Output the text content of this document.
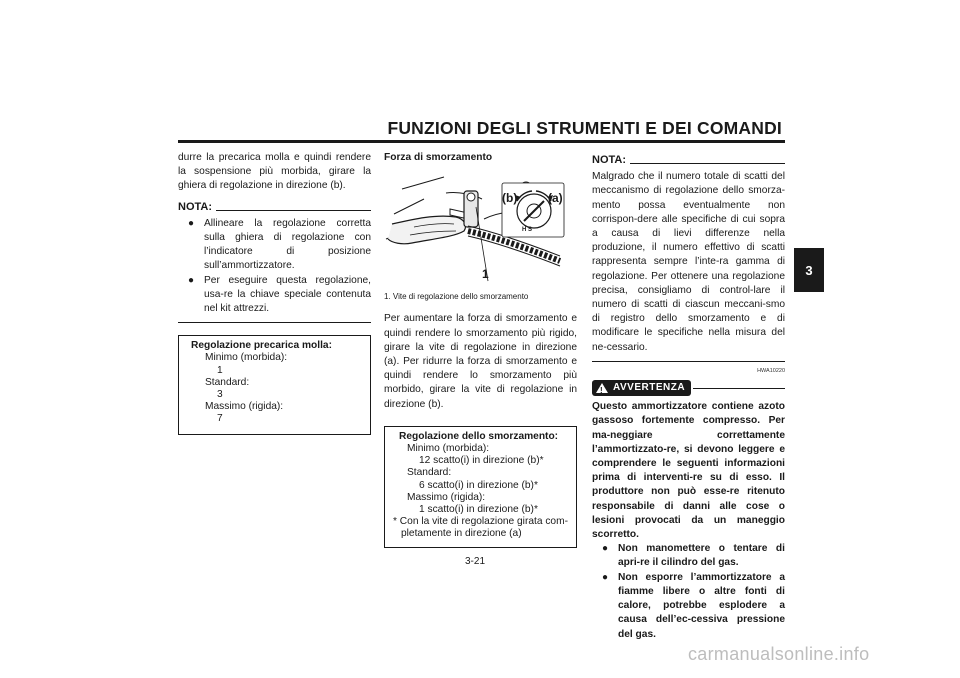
FUNZIONI DEGLI STRUMENTI E DEI COMANDI
3

durre la precarica molla e quindi rendere la sospensione più morbida, girare la ghiera di regolazione in direzione (b).

NOTA:
● Allineare la regolazione corretta sulla ghiera di regolazione con l’indicatore di posizione sull’ammortizzatore.
● Per eseguire questa regolazione, usa-re la chiave speciale contenuta nel kit attrezzi.
Regolazione precarica molla:
Minimo (morbida):
1
Standard:
3
Massimo (rigida):
7
Forza di smorzamento
(b)	(a)
H S
1
1. Vite di regolazione dello smorzamento

Per aumentare la forza di smorzamento e quindi rendere lo smorzamento più rigido, girare la vite di regolazione in direzione (a). Per ridurre la forza di smorzamento e quindi rendere lo smorzamento più morbido, girare la vite di regolazione in direzione (b).

Regolazione dello smorzamento:
Minimo (morbida):
12 scatto(i) in direzione (b)*
Standard:
6 scatto(i) in direzione (b)*
Massimo (rigida):
1 scatto(i) in direzione (b)*
* Con la vite di regolazione girata com-
pletamente in direzione (a)
NOTA:

Malgrado che il numero totale di scatti del meccanismo di regolazione dello smorza-mento possa eventualmente non corrispon-dere alle specifiche di cui sopra a causa di lievi differenze nella produzione, il numero effettivo di scatti rappresenta sempre l’inte-ra gamma di regolazione. Per ottenere una regolazione precisa, consigliamo di control-lare il numero di scatti di ciascun meccani-smo di registro dello smorzamento e di modificare le specifiche nella misura del ne-cessario.

HWA10220
! AVVERTENZA

Questo ammortizzatore contiene azoto gassoso fortemente compresso. Per ma-neggiare correttamente l’ammortizzato-re, si devono leggere e comprendere le seguenti informazioni prima di interventi-re su di esso. Il produttore non può esse-re ritenuto responsabile di danni alle cose o lesioni provocati da un maneggio scorretto.

● Non manomettere o tentare di apri-re il cilindro del gas.
● Non esporre l’ammortizzatore a fiamme libere o altre fonti di calore, potrebbe esplodere a causa dell’ec-cessiva pressione del gas.
3-21
carmanualsonline.info
